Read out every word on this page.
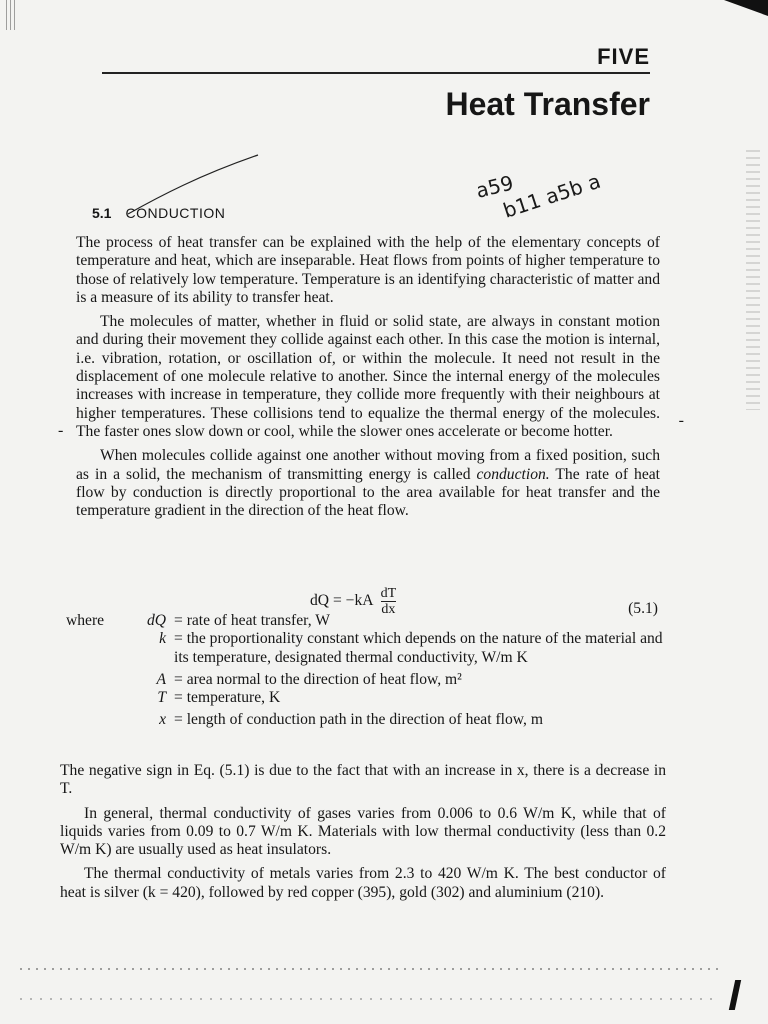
FIVE
Heat Transfer
5.1 CONDUCTION
a59
b11 a5b a

The process of heat transfer can be explained with the help of the elementary concepts of temperature and heat, which are inseparable. Heat flows from points of higher temperature to those of relatively low temperature. Temperature is an identifying characteristic of matter and is a measure of its ability to transfer heat.

The molecules of matter, whether in fluid or solid state, are always in constant motion and during their movement they collide against each other. In this case the motion is internal, i.e. vibration, rotation, or oscillation of, or within the molecule. It need not result in the displacement of one molecule relative to another. Since the internal energy of the molecules increases with increase in temperature, they collide more frequently with their neighbours at higher temperatures. These collisions tend to equalize the thermal energy of the molecules. The faster ones slow down or cool, while the slower ones accelerate or become hotter.

When molecules collide against one another without moving from a fixed position, such as in a solid, the mechanism of transmitting energy is called conduction. The rate of heat flow by conduction is directly proportional to the area available for heat transfer and the temperature gradient in the direction of the heat flow.

-
-
dQ = $-kA \frac{dT}{dx}$	(5.1)
where	dQ = rate of heat transfer, W
k = the proportionality constant which depends on the nature of the material and its temperature, designated thermal conductivity, W/m K
A = area normal to the direction of heat flow, m²
T = temperature, K
x = length of conduction path in the direction of heat flow, m

The negative sign in Eq. (5.1) is due to the fact that with an increase in x, there is a decrease in T.

In general, thermal conductivity of gases varies from 0.006 to 0.6 W/m K, while that of liquids varies from 0.09 to 0.7 W/m K. Materials with low thermal conductivity (less than 0.2 W/m K) are usually used as heat insulators.

The thermal conductivity of metals varies from 2.3 to 420 W/m K. The best conductor of heat is silver (k = 420), followed by red copper (395), gold (302) and aluminium (210).
